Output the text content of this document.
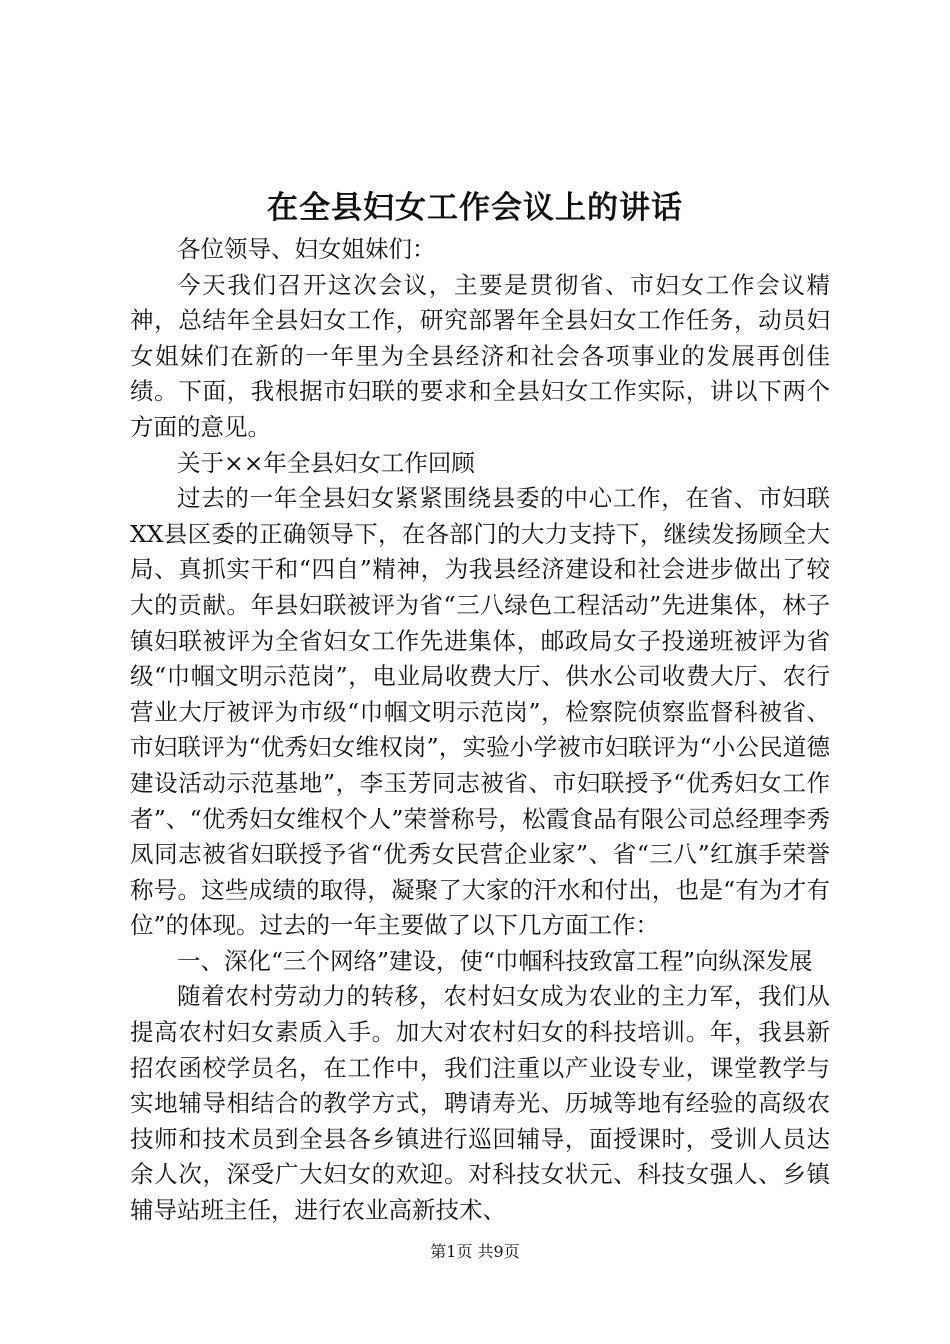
在全县妇女工作会议上的讲话

各位领导、妇女姐妹们：

今天我们召开这次会议，主要是贯彻省、市妇女工作会议精神，总结年全县妇女工作，研究部署年全县妇女工作任务，动员妇女姐妹们在新的一年里为全县经济和社会各项事业的发展再创佳绩。下面，我根据市妇联的要求和全县妇女工作实际，讲以下两个方面的意见。

关于××年全县妇女工作回顾

过去的一年全县妇女紧紧围绕县委的中心工作，在省、市妇联XX县区委的正确领导下，在各部门的大力支持下，继续发扬顾全大局、真抓实干和“四自”精神，为我县经济建设和社会进步做出了较大的贡献。年县妇联被评为省“三八绿色工程活动”先进集体，林子镇妇联被评为全省妇女工作先进集体，邮政局女子投递班被评为省级“巾帼文明示范岗”，电业局收费大厅、供水公司收费大厅、农行营业大厅被评为市级“巾帼文明示范岗”，检察院侦察监督科被省、市妇联评为“优秀妇女维权岗”，实验小学被市妇联评为“小公民道德建设活动示范基地”，李玉芳同志被省、市妇联授予“优秀妇女工作者”、“优秀妇女维权个人”荣誉称号，松霞食品有限公司总经理李秀凤同志被省妇联授予省“优秀女民营企业家”、省“三八”红旗手荣誉称号。这些成绩的取得，凝聚了大家的汗水和付出，也是“有为才有位”的体现。过去的一年主要做了以下几方面工作：

一、深化“三个网络”建设，使“巾帼科技致富工程”向纵深发展

随着农村劳动力的转移，农村妇女成为农业的主力军，我们从提高农村妇女素质入手。加大对农村妇女的科技培训。年，我县新招农函校学员名，在工作中，我们注重以产业设专业，课堂教学与实地辅导相结合的教学方式，聘请寿光、历城等地有经验的高级农技师和技术员到全县各乡镇进行巡回辅导，面授课时，受训人员达余人次，深受广大妇女的欢迎。对科技女状元、科技女强人、乡镇辅导站班主任，进行农业高新技术、

第1页 共9页
